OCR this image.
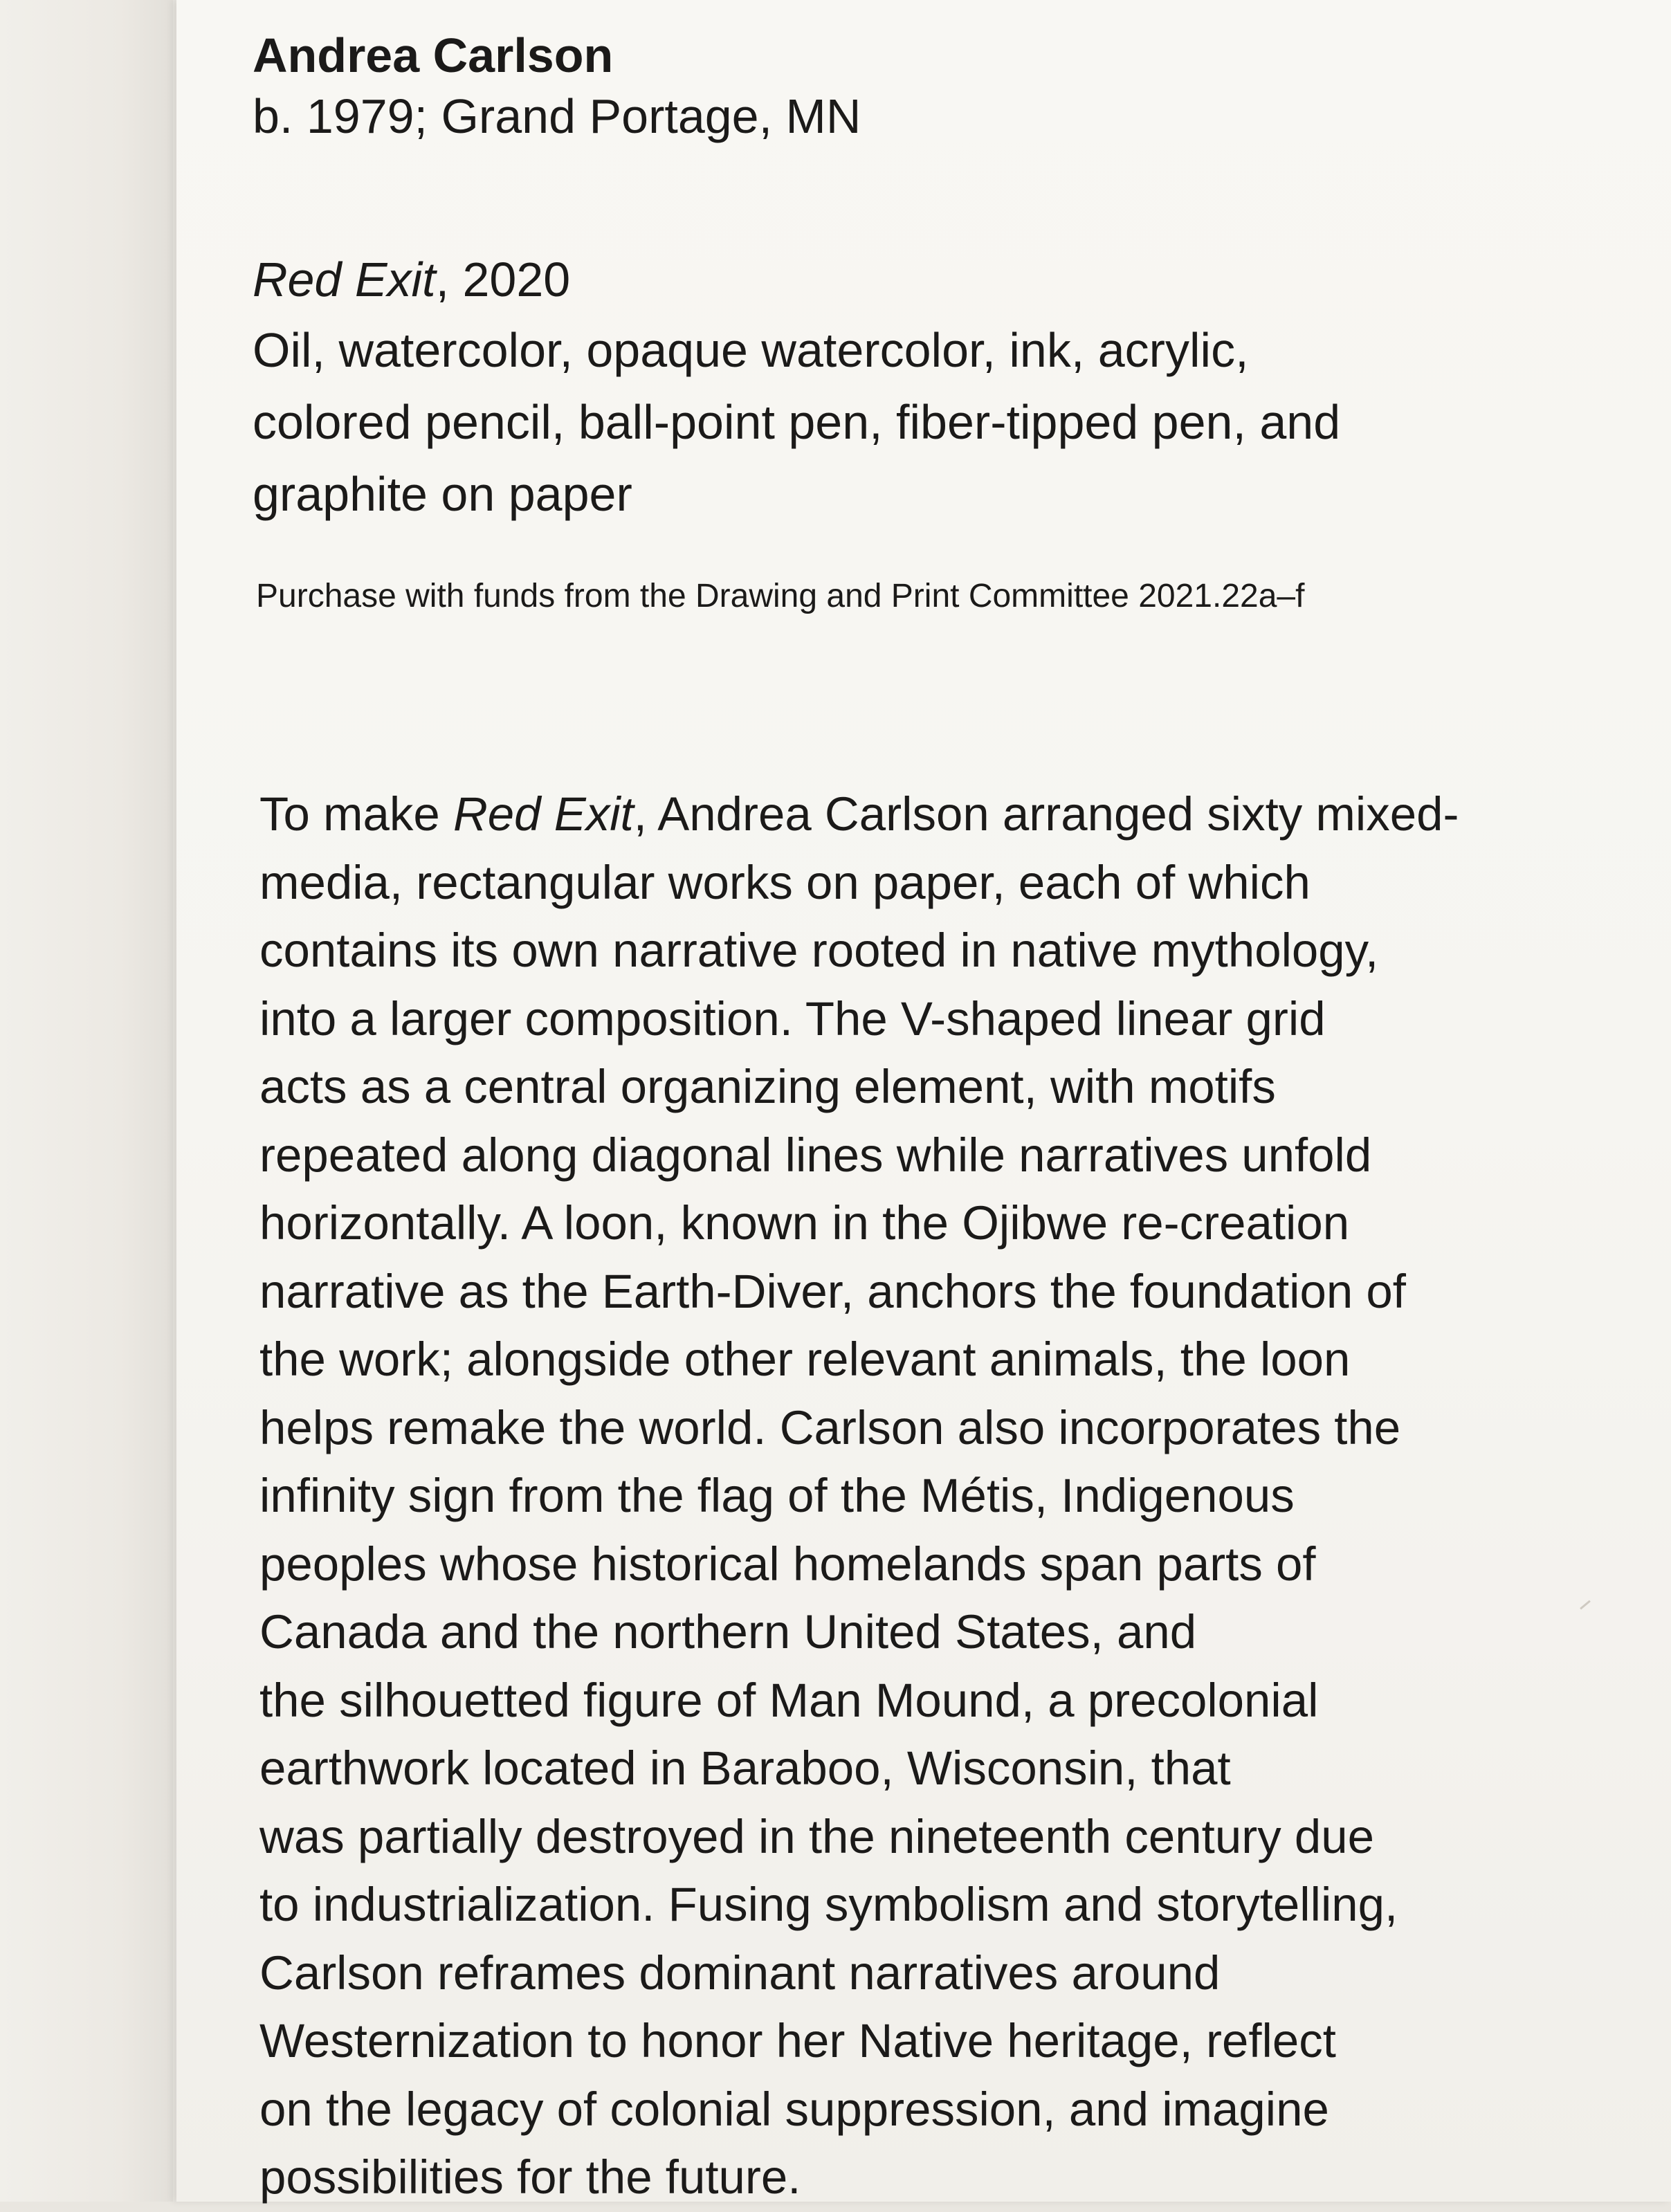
Andrea Carlson

b. 1979; Grand Portage, MN

Red Exit, 2020

Oil, watercolor, opaque watercolor, ink, acrylic,
colored pencil, ball-point pen, fiber-tipped pen, and
graphite on paper

Purchase with funds from the Drawing and Print Committee 2021.22a–f

To make Red Exit, Andrea Carlson arranged sixty mixed-
media, rectangular works on paper, each of which
contains its own narrative rooted in native mythology,
into a larger composition. The V-shaped linear grid
acts as a central organizing element, with motifs
repeated along diagonal lines while narratives unfold
horizontally. A loon, known in the Ojibwe re-creation
narrative as the Earth-Diver, anchors the foundation of
the work; alongside other relevant animals, the loon
helps remake the world. Carlson also incorporates the
infinity sign from the flag of the Métis, Indigenous
peoples whose historical homelands span parts of
Canada and the northern United States, and
the silhouetted figure of Man Mound, a precolonial
earthwork located in Baraboo, Wisconsin, that
was partially destroyed in the nineteenth century due
to industrialization. Fusing symbolism and storytelling,
Carlson reframes dominant narratives around
Westernization to honor her Native heritage, reflect
on the legacy of colonial suppression, and imagine
possibilities for the future.
